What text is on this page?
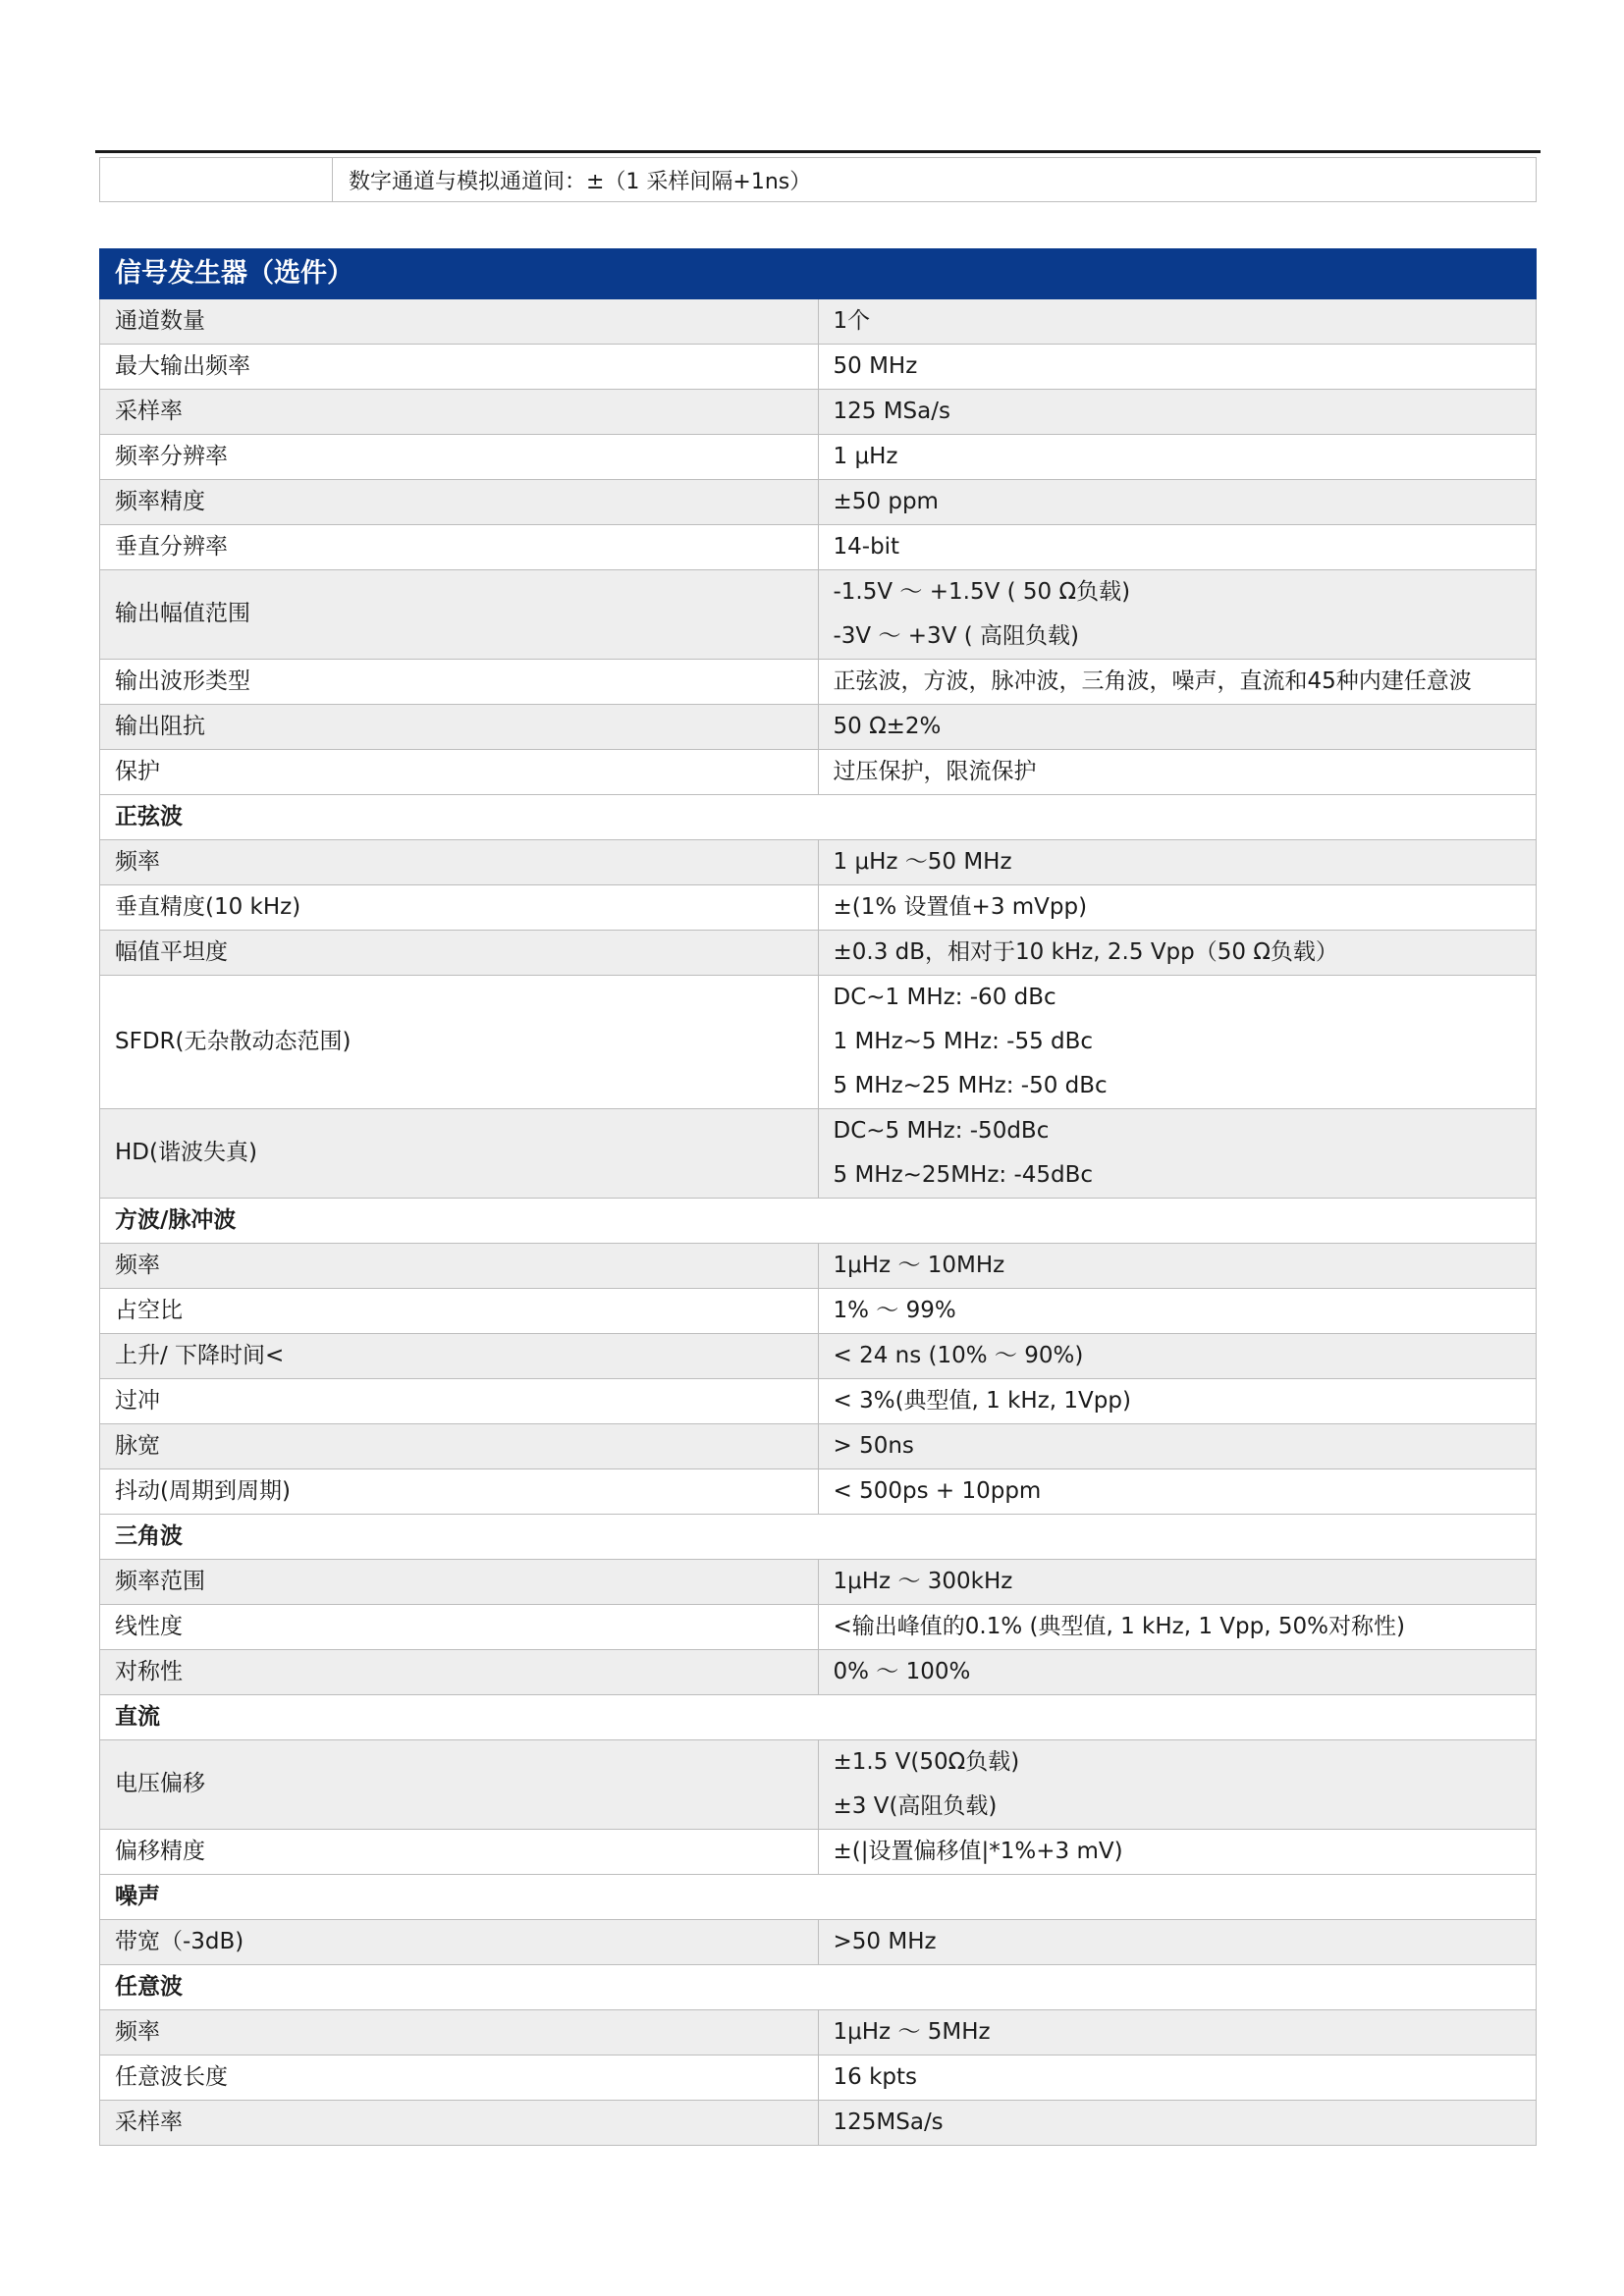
	数字通道与模拟通道间：±（1 采样间隔+1ns）
信号发生器（选件）	
通道数量	1个

最大输出频率	50 MHz

采样率	125 MSa/s

频率分辨率	1 μHz

频率精度	±50 ppm

垂直分辨率	14-bit

输出幅值范围	-1.5V ～ +1.5V ( 50 Ω负载)
-3V ～ +3V ( 高阻负载)

输出波形类型	正弦波，方波，脉冲波，三角波，噪声，直流和45种内建任意波

输出阻抗	50 Ω±2%

保护	过压保护，限流保护

正弦波	
频率	1 μHz ～50 MHz

垂直精度(10 kHz)	±(1% 设置值+3 mVpp)

幅值平坦度	±0.3 dB，相对于10 kHz, 2.5 Vpp（50 Ω负载）

SFDR(无杂散动态范围)	DC~1 MHz: -60 dBc
1 MHz~5 MHz: -55 dBc
5 MHz~25 MHz: -50 dBc

HD(谐波失真)	DC~5 MHz: -50dBc
5 MHz~25MHz: -45dBc

方波/脉冲波	
频率	1μHz ～ 10MHz

占空比	1% ～ 99%

上升/ 下降时间<	< 24 ns (10% ～ 90%)

过冲	< 3%(典型值, 1 kHz, 1Vpp)

脉宽	> 50ns

抖动(周期到周期)	< 500ps + 10ppm

三角波	
频率范围	1μHz ～ 300kHz

线性度	<输出峰值的0.1% (典型值, 1 kHz, 1 Vpp, 50%对称性)

对称性	0% ～ 100%

直流	
电压偏移	±1.5 V(50Ω负载)
±3 V(高阻负载)

偏移精度	±(|设置偏移值|*1%+3 mV)

噪声	
带宽（-3dB)	>50 MHz

任意波	
频率	1μHz ～ 5MHz

任意波长度	16 kpts

采样率	125MSa/s
